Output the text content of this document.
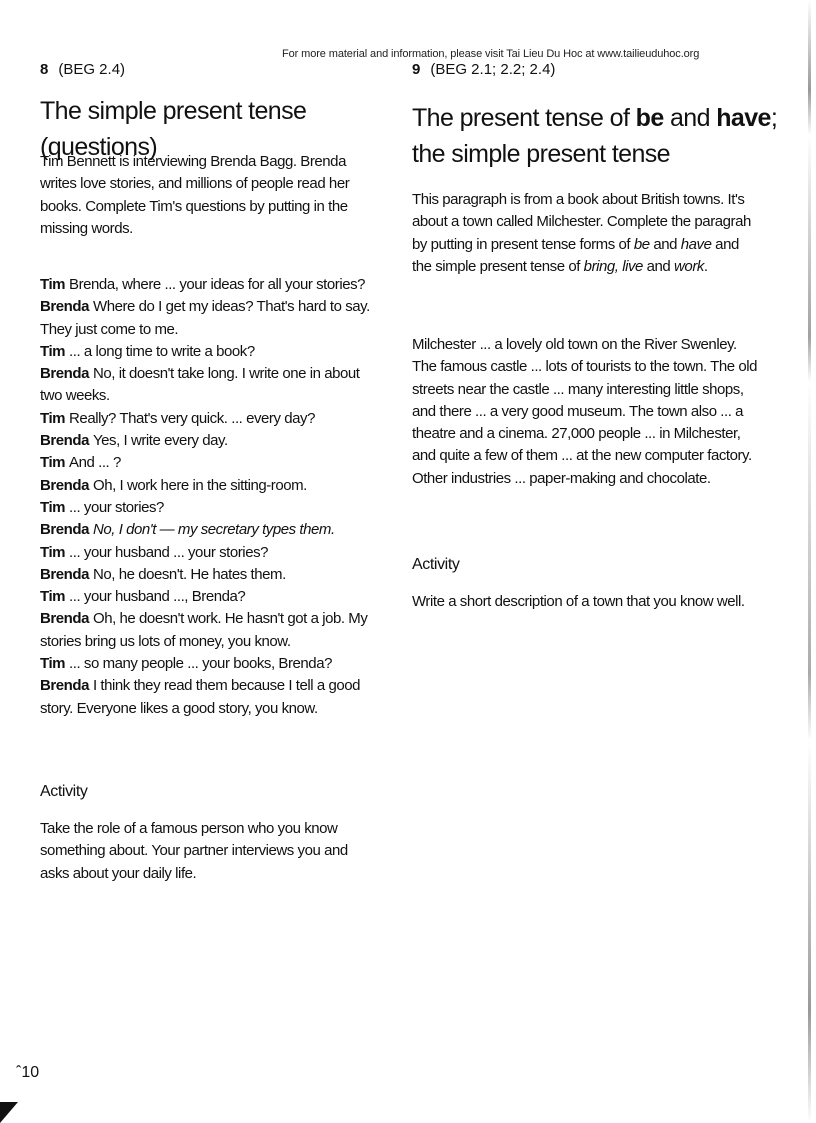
For more material and information, please visit Tai Lieu Du Hoc at www.tailieuduhoc.org
8 (BEG 2.4)
The simple present tense (questions)

Tim Bennett is interviewing Brenda Bagg. Brenda writes love stories, and millions of people read her books. Complete Tim's questions by putting in the missing words.

Tim Brenda, where ... your ideas for all your stories?
Brenda Where do I get my ideas? That's hard to say. They just come to me.
Tim ... a long time to write a book?
Brenda No, it doesn't take long. I write one in about two weeks.
Tim Really? That's very quick. ... every day?
Brenda Yes, I write every day.
Tim And ... ?
Brenda Oh, I work here in the sitting-room.
Tim ... your stories?
Brenda No, I don't — my secretary types them.
Tim ... your husband ... your stories?
Brenda No, he doesn't. He hates them.
Tim ... your husband ..., Brenda?
Brenda Oh, he doesn't work. He hasn't got a job. My stories bring us lots of money, you know.
Tim ... so many people ... your books, Brenda?
Brenda I think they read them because I tell a good story. Everyone likes a good story, you know.
Activity

Take the role of a famous person who you know something about. Your partner interviews you and asks about your daily life.

9 (BEG 2.1; 2.2; 2.4)
The present tense of be and have;
the simple present tense

This paragraph is from a book about British towns. It's about a town called Milchester. Complete the paragrah by putting in present tense forms of be and have and the simple present tense of bring, live and work.

Milchester ... a lovely old town on the River Swenley. The famous castle ... lots of tourists to the town. The old streets near the castle ... many interesting little shops, and there ... a very good museum. The town also ... a theatre and a cinema. 27,000 people ... in Milchester, and quite a few of them ... at the new computer factory. Other industries ... paper-making and chocolate.

Activity

Write a short description of a town that you know well.

ˆ10
